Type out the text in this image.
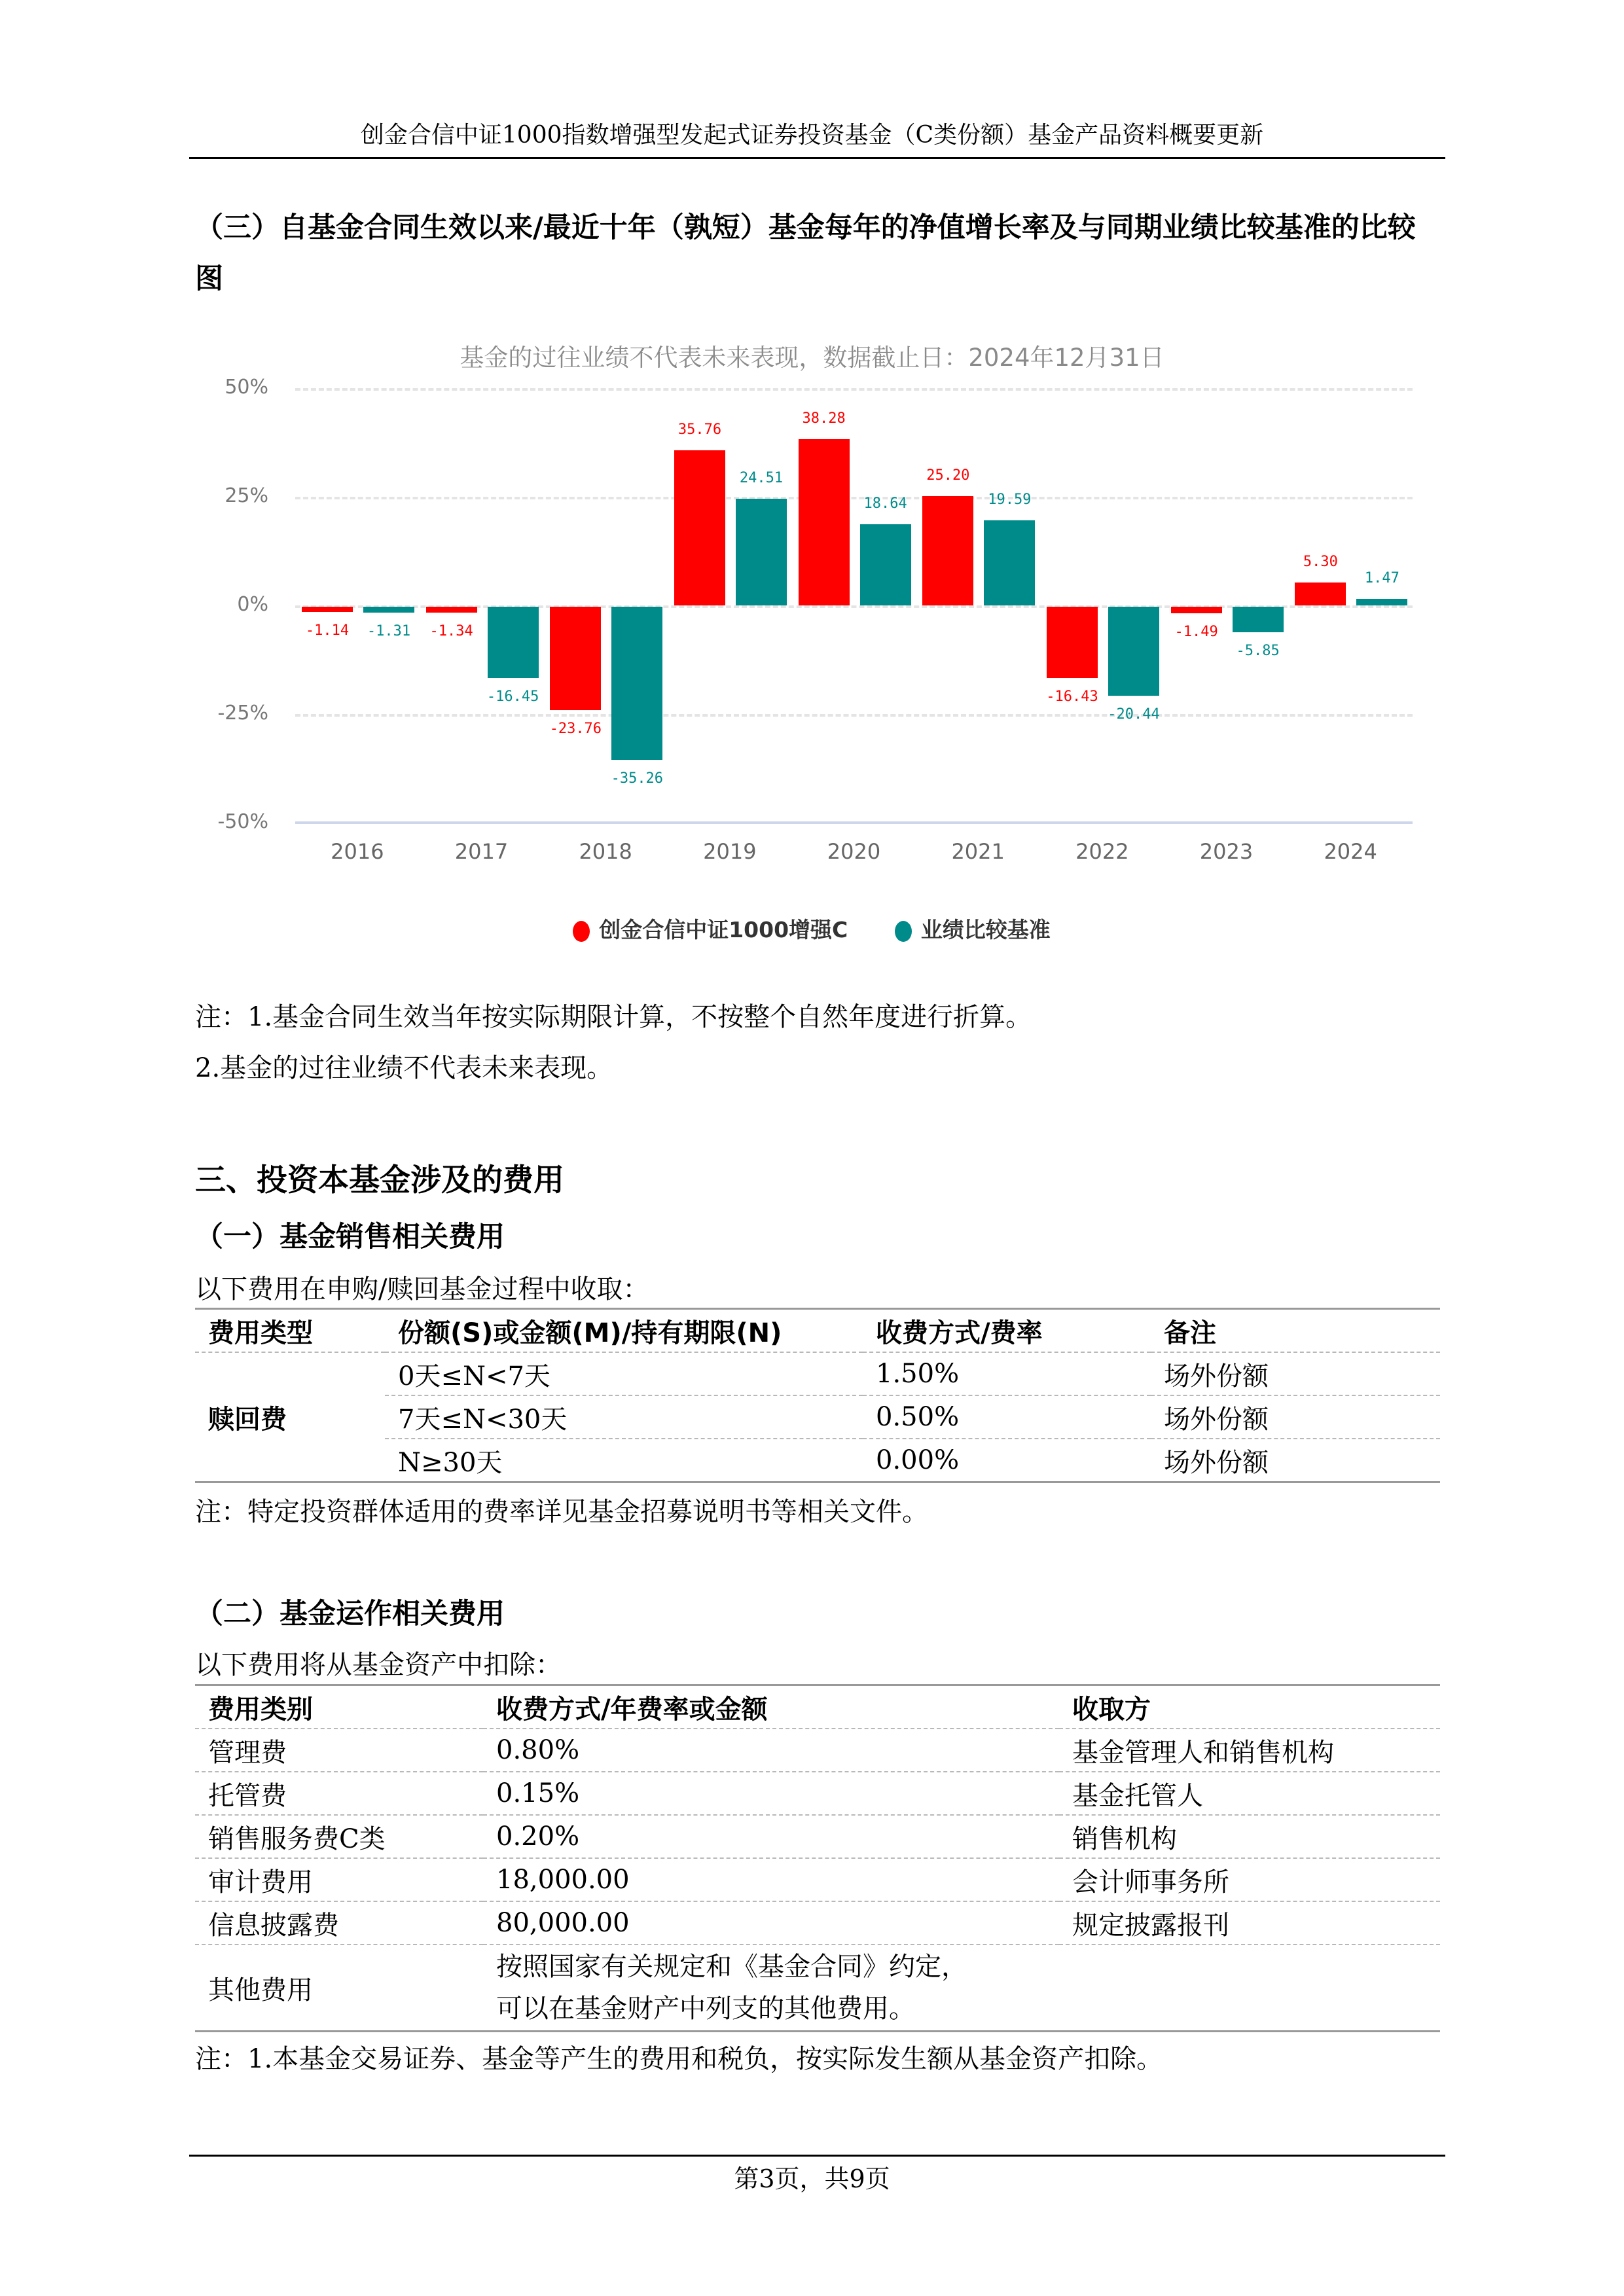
创金合信中证1000指数增强型发起式证券投资基金（C类份额）基金产品资料概要更新
（三）自基金合同生效以来/最近十年（孰短）基金每年的净值增长率及与同期业绩比较基准的比较
图
基金的过往业绩不代表未来表现，数据截止日：2024年12月31日
50%
25%
0%
-25%
-50%
-1.14	-1.31
2016
-1.34
-16.45
2017
-23.76
-35.26
2018
35.76
24.51
2019
38.28
18.64
2020
25.20
19.59
2021
-16.43
-20.44
2022
-1.49
-5.85
2023
5.30
1.47
2024
创金合信中证1000增强C	业绩比较基准
注：1.基金合同生效当年按实际期限计算，不按整个自然年度进行折算。
2.基金的过往业绩不代表未来表现。
三、投资本基金涉及的费用
（一）基金销售相关费用
以下费用在申购/赎回基金过程中收取：
费用类型	份额(S)或金额(M)/持有期限(N)	收费方式/费率	备注
赎回费	0天≤N<7天	1.50%	场外份额
	7天≤N<30天	0.50%	场外份额
	N≥30天	0.00%	场外份额
注：特定投资群体适用的费率详见基金招募说明书等相关文件。
（二）基金运作相关费用
以下费用将从基金资产中扣除：
费用类别	收费方式/年费率或金额	收取方
管理费	0.80%	基金管理人和销售机构
托管费	0.15%	基金托管人
销售服务费C类	0.20%	销售机构
审计费用	18,000.00	会计师事务所
信息披露费	80,000.00	规定披露报刊
其他费用	按照国家有关规定和《基金合同》约定，
可以在基金财产中列支的其他费用。	

注：1.本基金交易证券、基金等产生的费用和税负，按实际发生额从基金资产扣除。
第3页，共9页
